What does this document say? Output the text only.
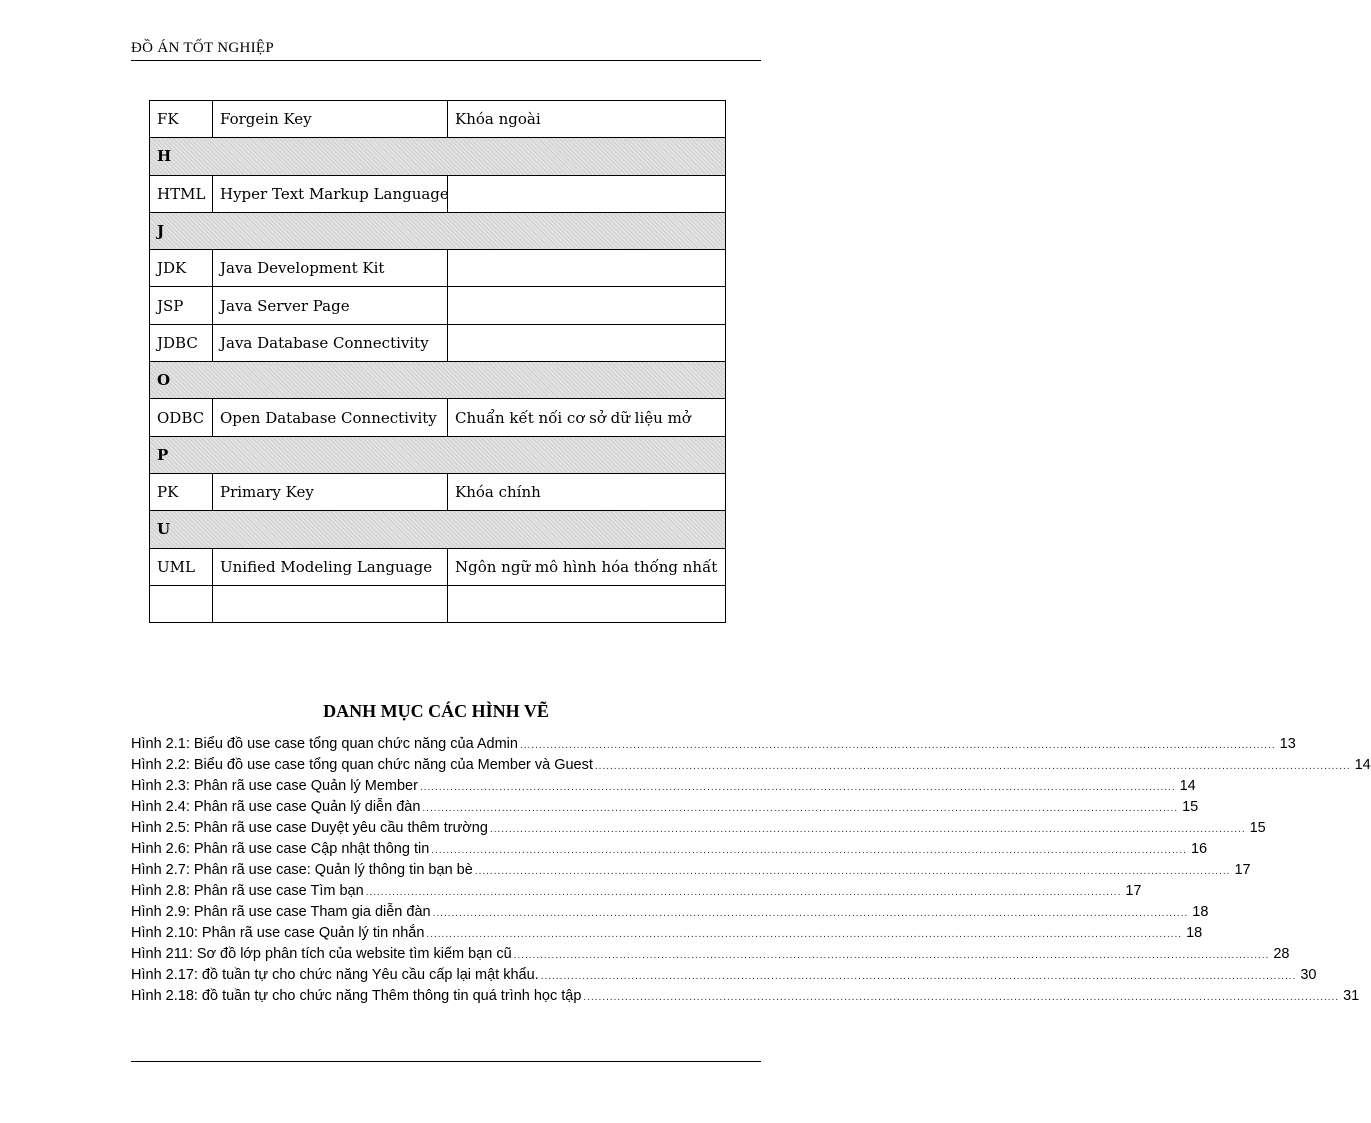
ĐỒ ÁN TỐT NGHIỆP
FK	Forgein Key	Khóa ngoài
H		
HTML	Hyper Text Markup Language	
J		
JDK	Java Development Kit	
JSP	Java Server Page	
JDBC	Java Database Connectivity	
O		
ODBC	Open Database Connectivity	Chuẩn kết nối cơ sở dữ liệu mở
P		
PK	Primary Key	Khóa chính
U		
UML	Unified Modeling Language	Ngôn ngữ mô hình hóa thống nhất

DANH MỤC CÁC HÌNH VẼ
Hình 2.1: Biểu đồ use case tổng quan chức năng của Admin ........................................................................................................................................................................................................ 13
Hình 2.2: Biểu đồ use case tổng quan chức năng của Member và Guest ........................................................................................................................................................................................................ 14
Hình 2.3: Phân rã use case Quản lý Member ........................................................................................................................................................................................................ 14
Hình 2.4: Phân rã use case Quản lý diễn đàn ........................................................................................................................................................................................................ 15
Hình 2.5: Phân rã use case Duyệt yêu cầu thêm trường ........................................................................................................................................................................................................ 15
Hình 2.6: Phân rã use case Cập nhật thông tin ........................................................................................................................................................................................................ 16
Hình 2.7: Phân rã use case: Quản lý thông tin bạn bè ........................................................................................................................................................................................................ 17
Hình 2.8: Phân rã use case Tìm bạn ........................................................................................................................................................................................................ 17
Hình 2.9: Phân rã use case Tham gia diễn đàn ........................................................................................................................................................................................................ 18
Hình 2.10: Phân rã use case Quản lý tin nhắn ........................................................................................................................................................................................................ 18
Hình 211: Sơ đồ lớp phân tích của website tìm kiếm bạn cũ ........................................................................................................................................................................................................ 28
Hình 2.17: đồ tuần tự cho chức năng Yêu cầu cấp lại mật khẩu. ........................................................................................................................................................................................................ 30
Hình 2.18: đồ tuần tự cho chức năng Thêm thông tin quá trình học tập ........................................................................................................................................................................................................ 31
